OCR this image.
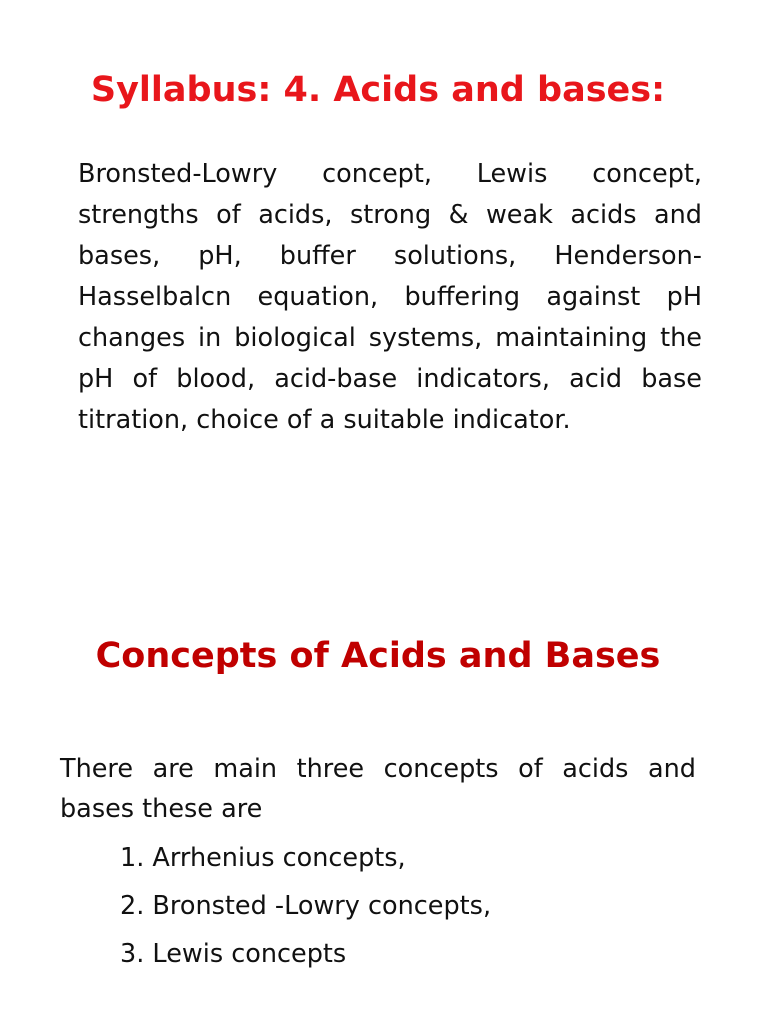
Syllabus: 4. Acids and bases:

Bronsted-Lowry concept, Lewis concept, strengths of acids, strong & weak acids and bases, pH, buffer solutions, Henderson-Hasselbalcn equation, buffering against pH changes in biological systems, maintaining the pH of blood, acid-base indicators, acid base titration, choice of a suitable indicator.

Concepts of Acids and Bases

There are main three concepts of acids and bases these are

1. Arrhenius concepts,
2. Bronsted -Lowry concepts,
3. Lewis concepts
